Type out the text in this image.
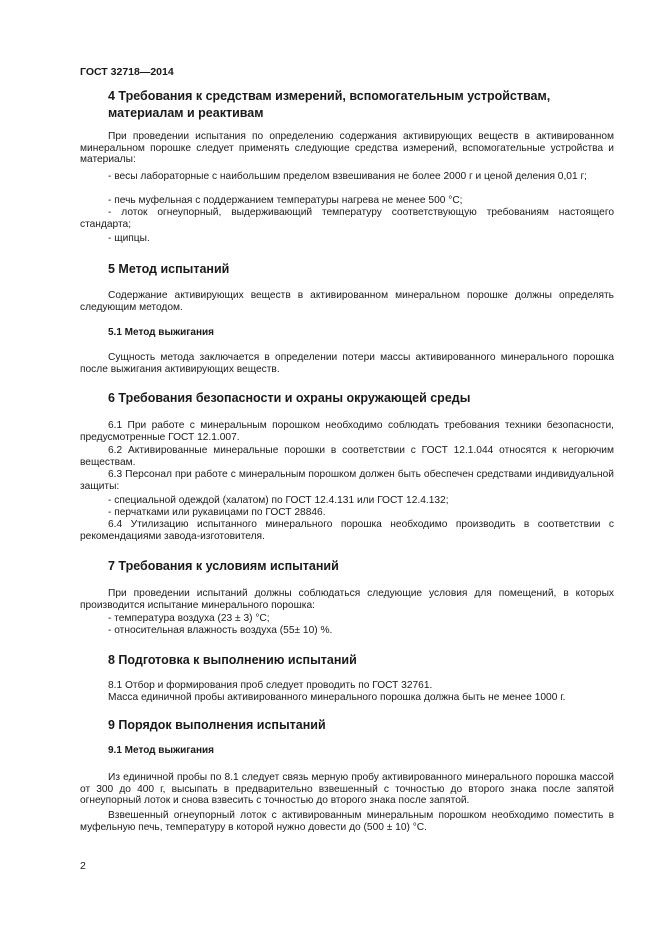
ГОСТ 32718—2014
4 Требования к средствам измерений, вспомогательным устройствам, материалам и реактивам
При проведении испытания по определению содержания активирующих веществ в активированном минеральном порошке следует применять следующие средства измерений, вспомогательные устройства и материалы:
- весы лабораторные с наибольшим пределом взвешивания не более 2000 г и ценой деления 0,01 г;
- печь муфельная с поддержанием температуры нагрева не менее 500 °С;
- лоток огнеупорный, выдерживающий температуру соответствующую требованиям настоящего стандарта;
- щипцы.
5 Метод испытаний
Содержание активирующих веществ в активированном минеральном порошке должны определять следующим методом.
5.1 Метод выжигания
Сущность метода заключается в определении потери массы активированного минерального порошка после выжигания активирующих веществ.
6 Требования безопасности и охраны окружающей среды
6.1 При работе с минеральным порошком необходимо соблюдать требования техники безопасности, предусмотренные ГОСТ 12.1.007.
6.2 Активированные минеральные порошки в соответствии с ГОСТ 12.1.044 относятся к негорючим веществам.
6.3 Персонал при работе с минеральным порошком должен быть обеспечен средствами индивидуальной защиты:
- специальной одеждой (халатом) по ГОСТ 12.4.131 или ГОСТ 12.4.132;
- перчатками или рукавицами по ГОСТ 28846.
6.4 Утилизацию испытанного минерального порошка необходимо производить в соответствии с рекомендациями завода-изготовителя.
7 Требования к условиям испытаний
При проведении испытаний должны соблюдаться следующие условия для помещений, в которых производится испытание минерального порошка:
- температура воздуха (23 ± 3) °С;
- относительная влажность воздуха (55± 10) %.
8 Подготовка к выполнению испытаний
8.1 Отбор и формирования проб следует проводить по ГОСТ 32761.
Масса единичной пробы активированного минерального порошка должна быть не менее 1000 г.
9 Порядок выполнения испытаний
9.1 Метод выжигания
Из единичной пробы по 8.1 следует связь мерную пробу активированного минерального порошка массой от 300 до 400 г, высыпать в предварительно взвешенный с точностью до второго знака после запятой огнеупорный лоток и снова взвесить с точностью до второго знака после запятой.
Взвешенный огнеупорный лоток с активированным минеральным порошком необходимо поместить в муфельную печь, температуру в которой нужно довести до (500 ± 10) °С.
2
